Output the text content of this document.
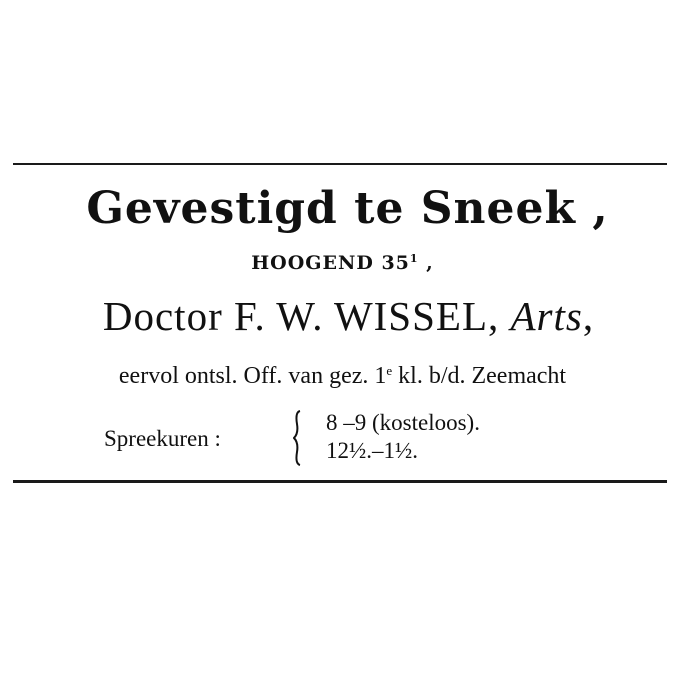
Gevestigd te Sneek ,
HOOGEND $35^1$ ,
Doctor F. W. WISSEL, Arts,
eervol ontsl. Off. van gez. 1e kl. b/d. Zeemacht
Spreekuren :
8 –9 (kosteloos).
12½.–1½.
